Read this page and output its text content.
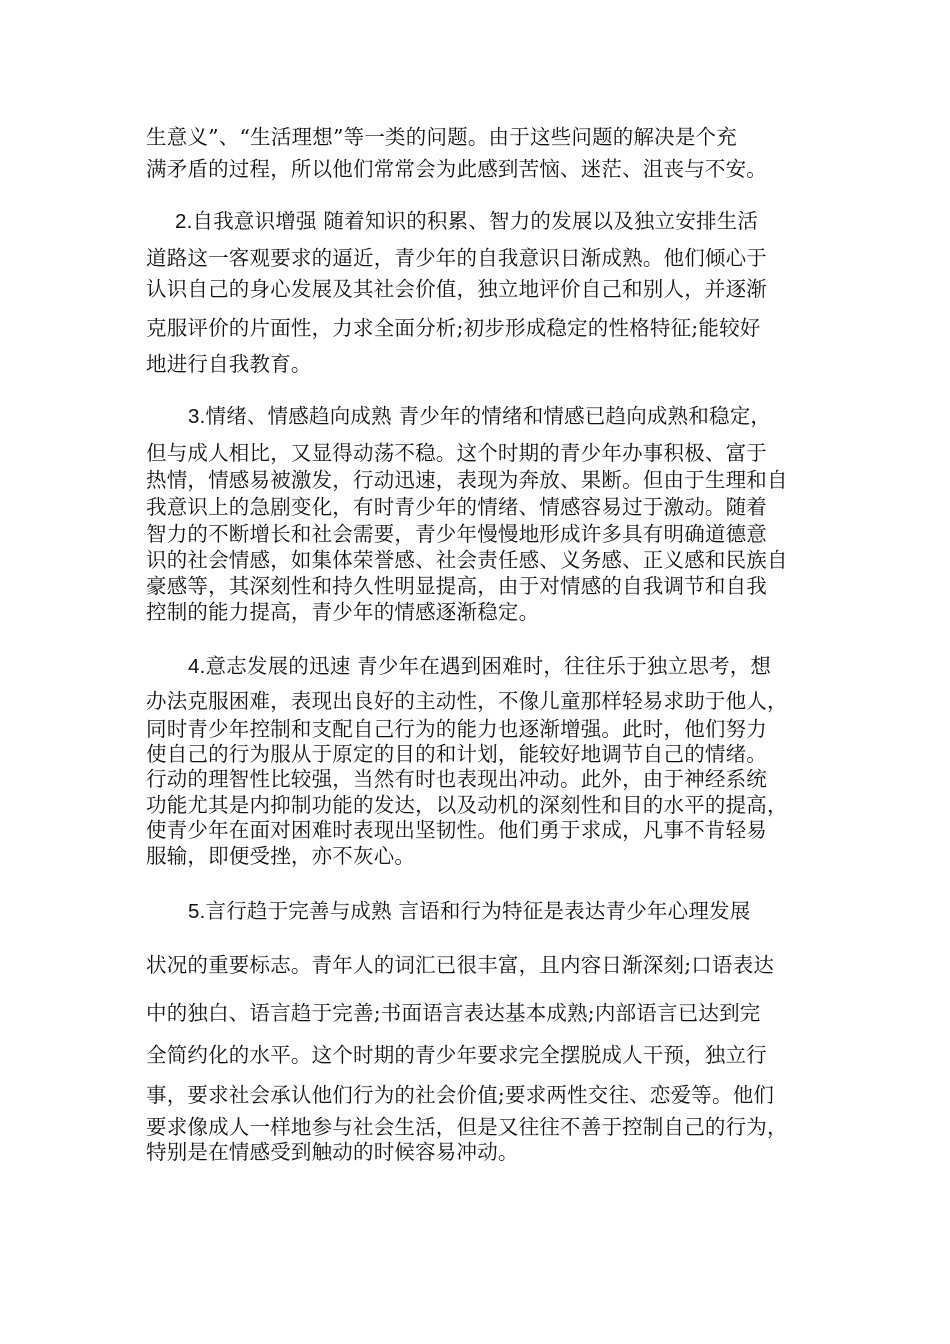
生意义”、“生活理想”等一类的问题。由于这些问题的解决是个充
满矛盾的过程，所以他们常常会为此感到苦恼、迷茫、沮丧与不安。
2.自我意识增强 随着知识的积累、智力的发展以及独立安排生活
道路这一客观要求的逼近，青少年的自我意识日渐成熟。他们倾心于
认识自己的身心发展及其社会价值，独立地评价自己和别人，并逐渐
克服评价的片面性，力求全面分析;初步形成稳定的性格特征;能较好
地进行自我教育。
3.情绪、情感趋向成熟 青少年的情绪和情感已趋向成熟和稳定，
但与成人相比，又显得动荡不稳。这个时期的青少年办事积极、富于
热情，情感易被激发，行动迅速，表现为奔放、果断。但由于生理和自
我意识上的急剧变化，有时青少年的情绪、情感容易过于激动。随着
智力的不断增长和社会需要，青少年慢慢地形成许多具有明确道德意
识的社会情感，如集体荣誉感、社会责任感、义务感、正义感和民族自
豪感等，其深刻性和持久性明显提高，由于对情感的自我调节和自我
控制的能力提高，青少年的情感逐渐稳定。
4.意志发展的迅速 青少年在遇到困难时，往往乐于独立思考，想
办法克服困难，表现出良好的主动性，不像儿童那样轻易求助于他人，
同时青少年控制和支配自己行为的能力也逐渐增强。此时，他们努力
使自己的行为服从于原定的目的和计划，能较好地调节自己的情绪。
行动的理智性比较强，当然有时也表现出冲动。此外，由于神经系统
功能尤其是内抑制功能的发达，以及动机的深刻性和目的水平的提高，
使青少年在面对困难时表现出坚韧性。他们勇于求成，凡事不肯轻易
服输，即便受挫，亦不灰心。
5.言行趋于完善与成熟 言语和行为特征是表达青少年心理发展
状况的重要标志。青年人的词汇已很丰富，且内容日渐深刻;口语表达
中的独白、语言趋于完善;书面语言表达基本成熟;内部语言已达到完
全简约化的水平。这个时期的青少年要求完全摆脱成人干预，独立行
事，要求社会承认他们行为的社会价值;要求两性交往、恋爱等。他们
要求像成人一样地参与社会生活，但是又往往不善于控制自己的行为，
特别是在情感受到触动的时候容易冲动。
